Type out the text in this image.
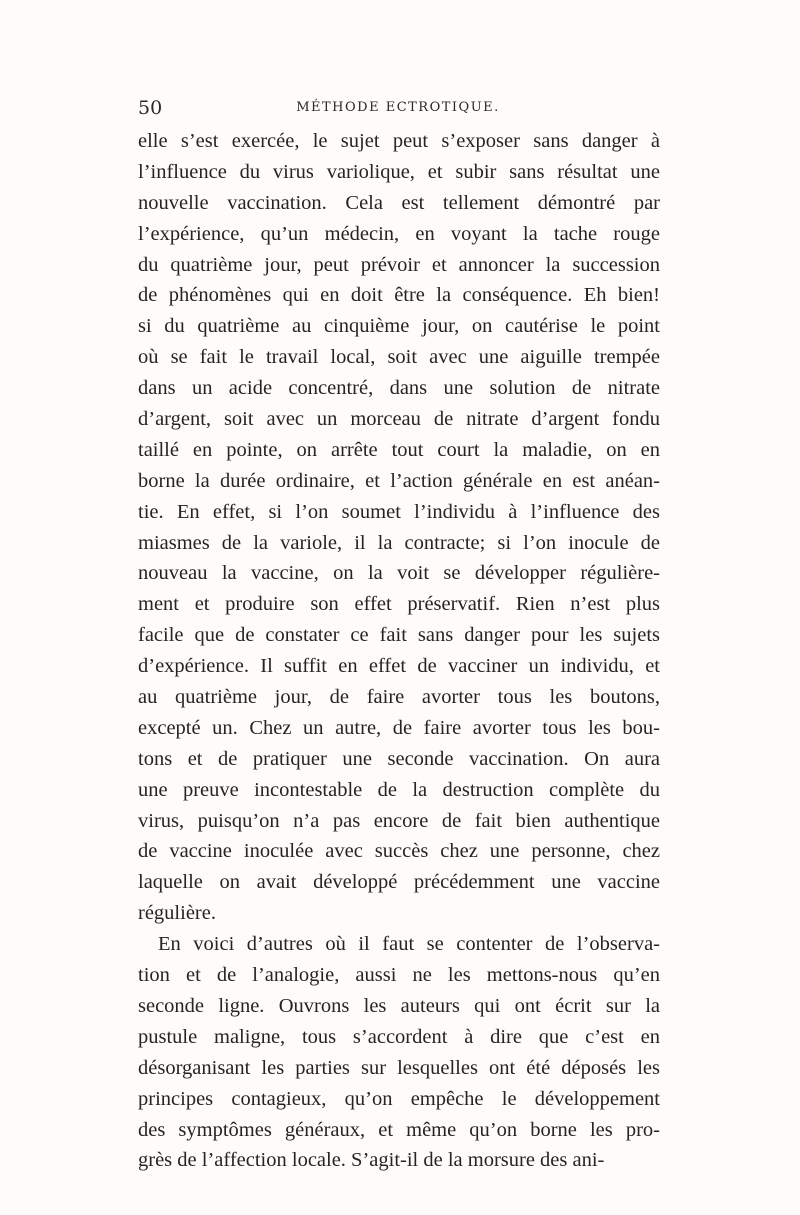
50	MÉTHODE ECTROTIQUE.
elle s’est exercée, le sujet peut s’exposer sans danger à
l’influence du virus variolique, et subir sans résultat une
nouvelle vaccination. Cela est tellement démontré par
l’expérience, qu’un médecin, en voyant la tache rouge
du quatrième jour, peut prévoir et annoncer la succession
de phénomènes qui en doit être la conséquence. Eh bien!
si du quatrième au cinquième jour, on cautérise le point
où se fait le travail local, soit avec une aiguille trempée
dans un acide concentré, dans une solution de nitrate
d’argent, soit avec un morceau de nitrate d’argent fondu
taillé en pointe, on arrête tout court la maladie, on en
borne la durée ordinaire, et l’action générale en est anéan-
tie. En effet, si l’on soumet l’individu à l’influence des
miasmes de la variole, il la contracte; si l’on inocule de
nouveau la vaccine, on la voit se développer régulière-
ment et produire son effet préservatif. Rien n’est plus
facile que de constater ce fait sans danger pour les sujets
d’expérience. Il suffit en effet de vacciner un individu, et
au quatrième jour, de faire avorter tous les boutons,
excepté un. Chez un autre, de faire avorter tous les bou-
tons et de pratiquer une seconde vaccination. On aura
une preuve incontestable de la destruction complète du
virus, puisqu’on n’a pas encore de fait bien authentique
de vaccine inoculée avec succès chez une personne, chez
laquelle on avait développé précédemment une vaccine
régulière.
En voici d’autres où il faut se contenter de l’observa-
tion et de l’analogie, aussi ne les mettons-nous qu’en
seconde ligne. Ouvrons les auteurs qui ont écrit sur la
pustule maligne, tous s’accordent à dire que c’est en
désorganisant les parties sur lesquelles ont été déposés les
principes contagieux, qu’on empêche le développement
des symptômes généraux, et même qu’on borne les pro-
grès de l’affection locale. S’agit-il de la morsure des ani-
